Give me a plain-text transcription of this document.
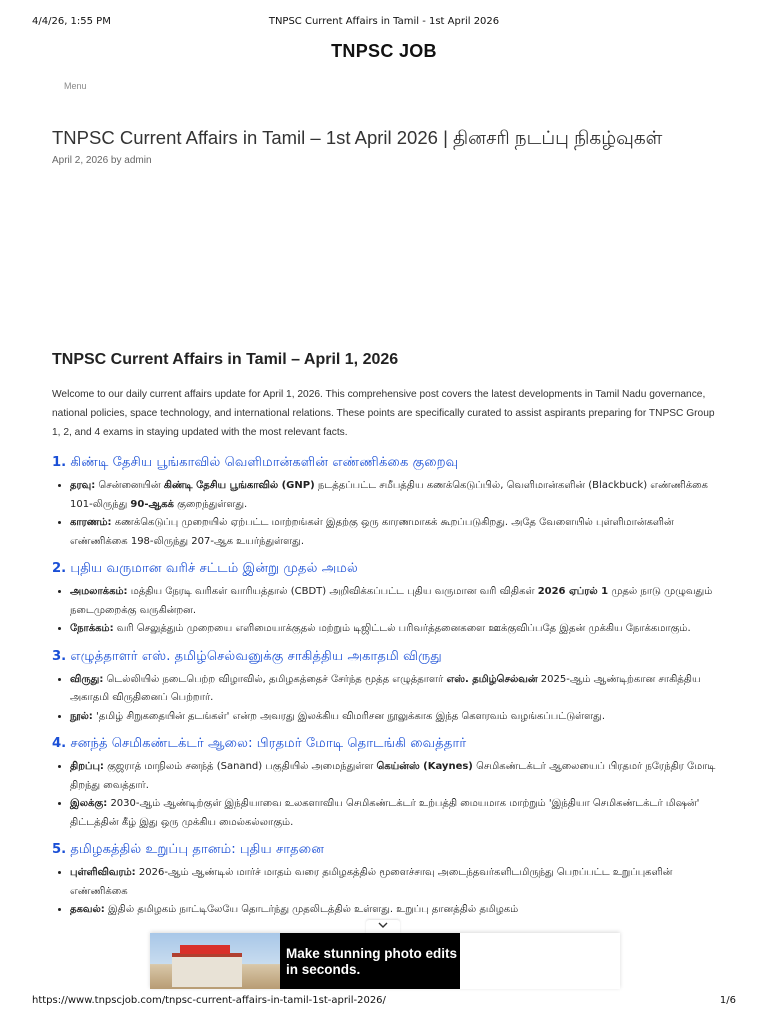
4/4/26, 1:55 PM	TNPSC Current Affairs in Tamil - 1st April 2026
TNPSC JOB
Menu
TNPSC Current Affairs in Tamil – 1st April 2026 | தினசரி நடப்பு நிகழ்வுகள்
April 2, 2026 by admin
TNPSC Current Affairs in Tamil – April 1, 2026

Welcome to our daily current affairs update for April 1, 2026. This comprehensive post covers the latest developments in Tamil Nadu governance, national policies, space technology, and international relations. These points are specifically curated to assist aspirants preparing for TNPSC Group 1, 2, and 4 exams in staying updated with the most relevant facts.

1. கிண்டி தேசிய பூங்காவில் வெளிமான்களின் எண்ணிக்கை குறைவு
• தரவு: சென்னையின் கிண்டி தேசிய பூங்காவில் (GNP) நடத்தப்பட்ட சமீபத்திய கணக்கெடுப்பில், வெளிமான்களின் (Blackbuck) எண்ணிக்கை 101-லிருந்து 90-ஆகக் குறைந்துள்ளது.
• காரணம்: கணக்கெடுப்பு முறையில் ஏற்பட்ட மாற்றங்கள் இதற்கு ஒரு காரணமாகக் கூறப்படுகிறது. அதே வேளையில் புள்ளிமான்களின் எண்ணிக்கை 198-லிருந்து 207-ஆக உயர்ந்துள்ளது.
2. புதிய வருமான வரிச் சட்டம் இன்று முதல் அமல்
• அமலாக்கம்: மத்திய நேரடி வரிகள் வாரியத்தால் (CBDT) அறிவிக்கப்பட்ட புதிய வருமான வரி விதிகள் 2026 ஏப்ரல் 1 முதல் நாடு முழுவதும் நடைமுறைக்கு வருகின்றன.
• நோக்கம்: வரி செலுத்தும் முறையை எளிமையாக்குதல் மற்றும் டிஜிட்டல் பரிவர்த்தனைகளை ஊக்குவிப்பதே இதன் முக்கிய நோக்கமாகும்.
3. எழுத்தாளர் எஸ். தமிழ்செல்வனுக்கு சாகித்திய அகாதமி விருது
• விருது: டெல்லியில் நடைபெற்ற விழாவில், தமிழகத்தைச் சேர்ந்த மூத்த எழுத்தாளர் எஸ். தமிழ்செல்வன் 2025-ஆம் ஆண்டிற்கான சாகித்திய அகாதமி விருதினைப் பெற்றார்.
• நூல்: 'தமிழ் சிறுகதையின் தடங்கள்' என்ற அவரது இலக்கிய விமரிசன நூலுக்காக இந்த கௌரவம் வழங்கப்பட்டுள்ளது.
4. சனந்த் செமிகண்டக்டர் ஆலை: பிரதமர் மோடி தொடங்கி வைத்தார்
• திறப்பு: குஜராத் மாநிலம் சனந்த் (Sanand) பகுதியில் அமைந்துள்ள கெய்ன்ஸ் (Kaynes) செமிகண்டக்டர் ஆலையைப் பிரதமர் நரேந்திர மோடி திறந்து வைத்தார்.
• இலக்கு: 2030-ஆம் ஆண்டிற்குள் இந்தியாவை உலகளாவிய செமிகண்டக்டர் உற்பத்தி மையமாக மாற்றும் 'இந்தியா செமிகண்டக்டர் மிஷன்' திட்டத்தின் கீழ் இது ஒரு முக்கிய மைல்கல்லாகும்.
5. தமிழகத்தில் உறுப்பு தானம்: புதிய சாதனை
• புள்ளிவிவரம்: 2026-ஆம் ஆண்டில் மார்ச் மாதம் வரை தமிழகத்தில் மூளைச்சாவு அடைந்தவர்களிடமிருந்து பெறப்பட்ட உறுப்புகளின் எண்ணிக்கை
• தகவல்: இதில் தமிழகம் நாட்டிலேயே தொடர்ந்து முதலிடத்தில் உள்ளது. உறுப்பு தானத்தில் தமிழகம்
Make stunning photo edits in seconds.
https://www.tnpscjob.com/tnpsc-current-affairs-in-tamil-1st-april-2026/	1/6
